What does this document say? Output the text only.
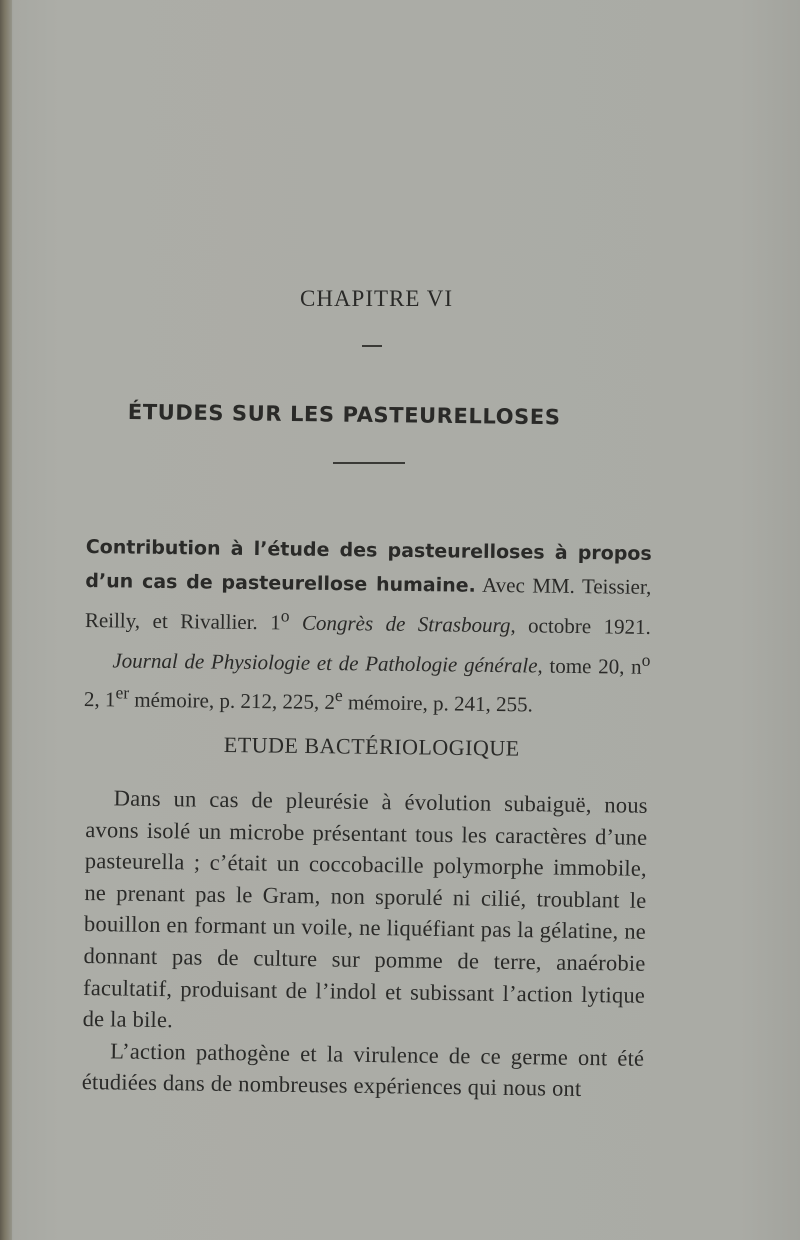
CHAPITRE VI
ÉTUDES SUR LES PASTEURELLOSES

Contribution à l’étude des pasteurelloses à propos d’un cas de pasteurellose humaine. Avec MM. Teissier, Reilly, et Rivallier. 1$^o$ Congrès de Strasbourg, octobre 1921.

Journal de Physiologie et de Pathologie générale, tome 20, $n^o$ 2, 1er mémoire, p. 212, 225, 2e mémoire, p. 241, 255.

ETUDE BACTÉRIOLOGIQUE

Dans un cas de pleurésie à évolution subaiguë, nous avons isolé un microbe présentant tous les caractères d’une pasteurella ; c’était un coccobacille polymorphe immobile, ne prenant pas le Gram, non sporulé ni cilié, troublant le bouillon en formant un voile, ne liquéfiant pas la gélatine, ne donnant pas de culture sur pomme de terre, anaérobie facultatif, produisant de l’indol et subissant l’action lytique de la bile.

L’action pathogène et la virulence de ce germe ont été étudiées dans de nombreuses expériences qui nous ont
